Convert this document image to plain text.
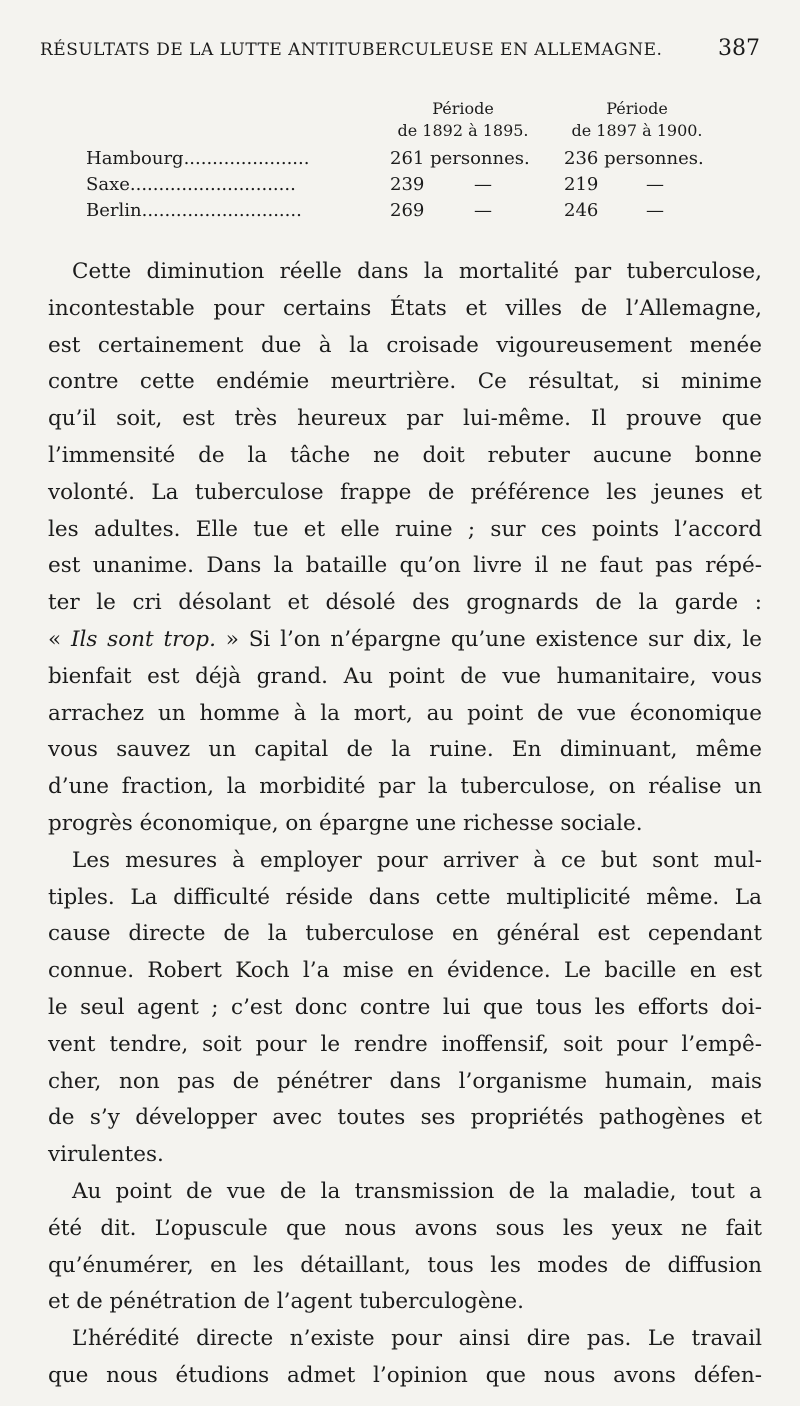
RÉSULTATS DE LA LUTTE ANTITUBERCULEUSE EN ALLEMAGNE.	387
Période
de 1892 à 1895.
Période
de 1897 à 1900.
Hambourg......................	261 personnes. 236 personnes.
Saxe.............................	239	—	219	—
Berlin............................	269	—	246	—
Cette diminution réelle dans la mortalité par tuberculose,
incontestable pour certains États et villes de l’Allemagne,
est certainement due à la croisade vigoureusement menée
contre cette endémie meurtrière. Ce résultat, si minime
qu’il soit, est très heureux par lui-même. Il prouve que
l’immensité de la tâche ne doit rebuter aucune bonne
volonté. La tuberculose frappe de préférence les jeunes et
les adultes. Elle tue et elle ruine ; sur ces points l’accord
est unanime. Dans la bataille qu’on livre il ne faut pas répé-
ter le cri désolant et désolé des grognards de la garde :
« Ils sont trop. » Si l’on n’épargne qu’une existence sur dix, le
bienfait est déjà grand. Au point de vue humanitaire, vous
arrachez un homme à la mort, au point de vue économique
vous sauvez un capital de la ruine. En diminuant, même
d’une fraction, la morbidité par la tuberculose, on réalise un
progrès économique, on épargne une richesse sociale.
Les mesures à employer pour arriver à ce but sont mul-
tiples. La difficulté réside dans cette multiplicité même. La
cause directe de la tuberculose en général est cependant
connue. Robert Koch l’a mise en évidence. Le bacille en est
le seul agent ; c’est donc contre lui que tous les efforts doi-
vent tendre, soit pour le rendre inoffensif, soit pour l’empê-
cher, non pas de pénétrer dans l’organisme humain, mais
de s’y développer avec toutes ses propriétés pathogènes et
virulentes.
Au point de vue de la transmission de la maladie, tout a
été dit. L’opuscule que nous avons sous les yeux ne fait
qu’énumérer, en les détaillant, tous les modes de diffusion
et de pénétration de l’agent tuberculogène.
L’hérédité directe n’existe pour ainsi dire pas. Le travail
que nous étudions admet l’opinion que nous avons défen-
